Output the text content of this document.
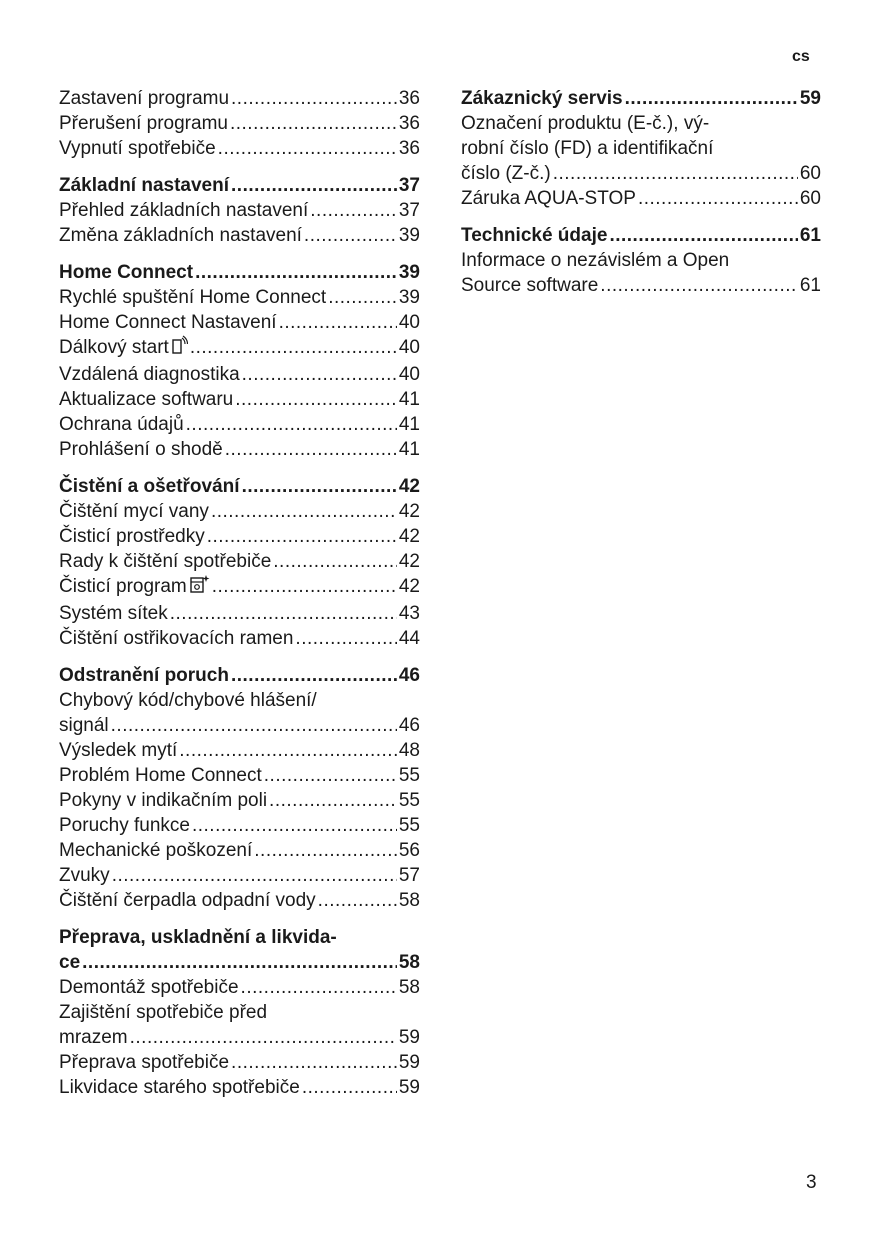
cs
Zastavení programu .....	36
Přerušení programu .....	36
Vypnutí spotřebiče .....	36
Základní nastavení .....	37
Přehled základních nastavení .....	37
Změna základních nastavení .....	39
Home Connect .....	39
Rychlé spuštění Home Connect .....	39
Home Connect Nastavení .....	40
Dálkový start .....	40
Vzdálená diagnostika .....	40
Aktualizace softwaru .....	41
Ochrana údajů .....	41
Prohlášení o shodě .....	41
Čistění a ošetřování .....	42
Čištění mycí vany .....	42
Čisticí prostředky .....	42
Rady k čištění spotřebiče .....	42
Čisticí program .....	42
Systém sítek .....	43
Čištění ostřikovacích ramen .....	44
Odstranění poruch .....	46
Chybový kód/chybové hlášení/
signál .....	46
Výsledek mytí .....	48
Problém Home Connect .....	55
Pokyny v indikačním poli .....	55
Poruchy funkce .....	55
Mechanické poškození .....	56
Zvuky .....	57
Čištění čerpadla odpadní vody .....	58
Přeprava, uskladnění a likvida-
ce .....	58
Demontáž spotřebiče .....	58
Zajištění spotřebiče před
mrazem .....	59
Přeprava spotřebiče .....	59
Likvidace starého spotřebiče .....	59
Zákaznický servis .....	59
Označení produktu (E-č.), vý-
robní číslo (FD) a identifikační
číslo (Z-č.) .....	60
Záruka AQUA-STOP .....	60
Technické údaje .....	61
Informace o nezávislém a Open
Source software .....	61
3
